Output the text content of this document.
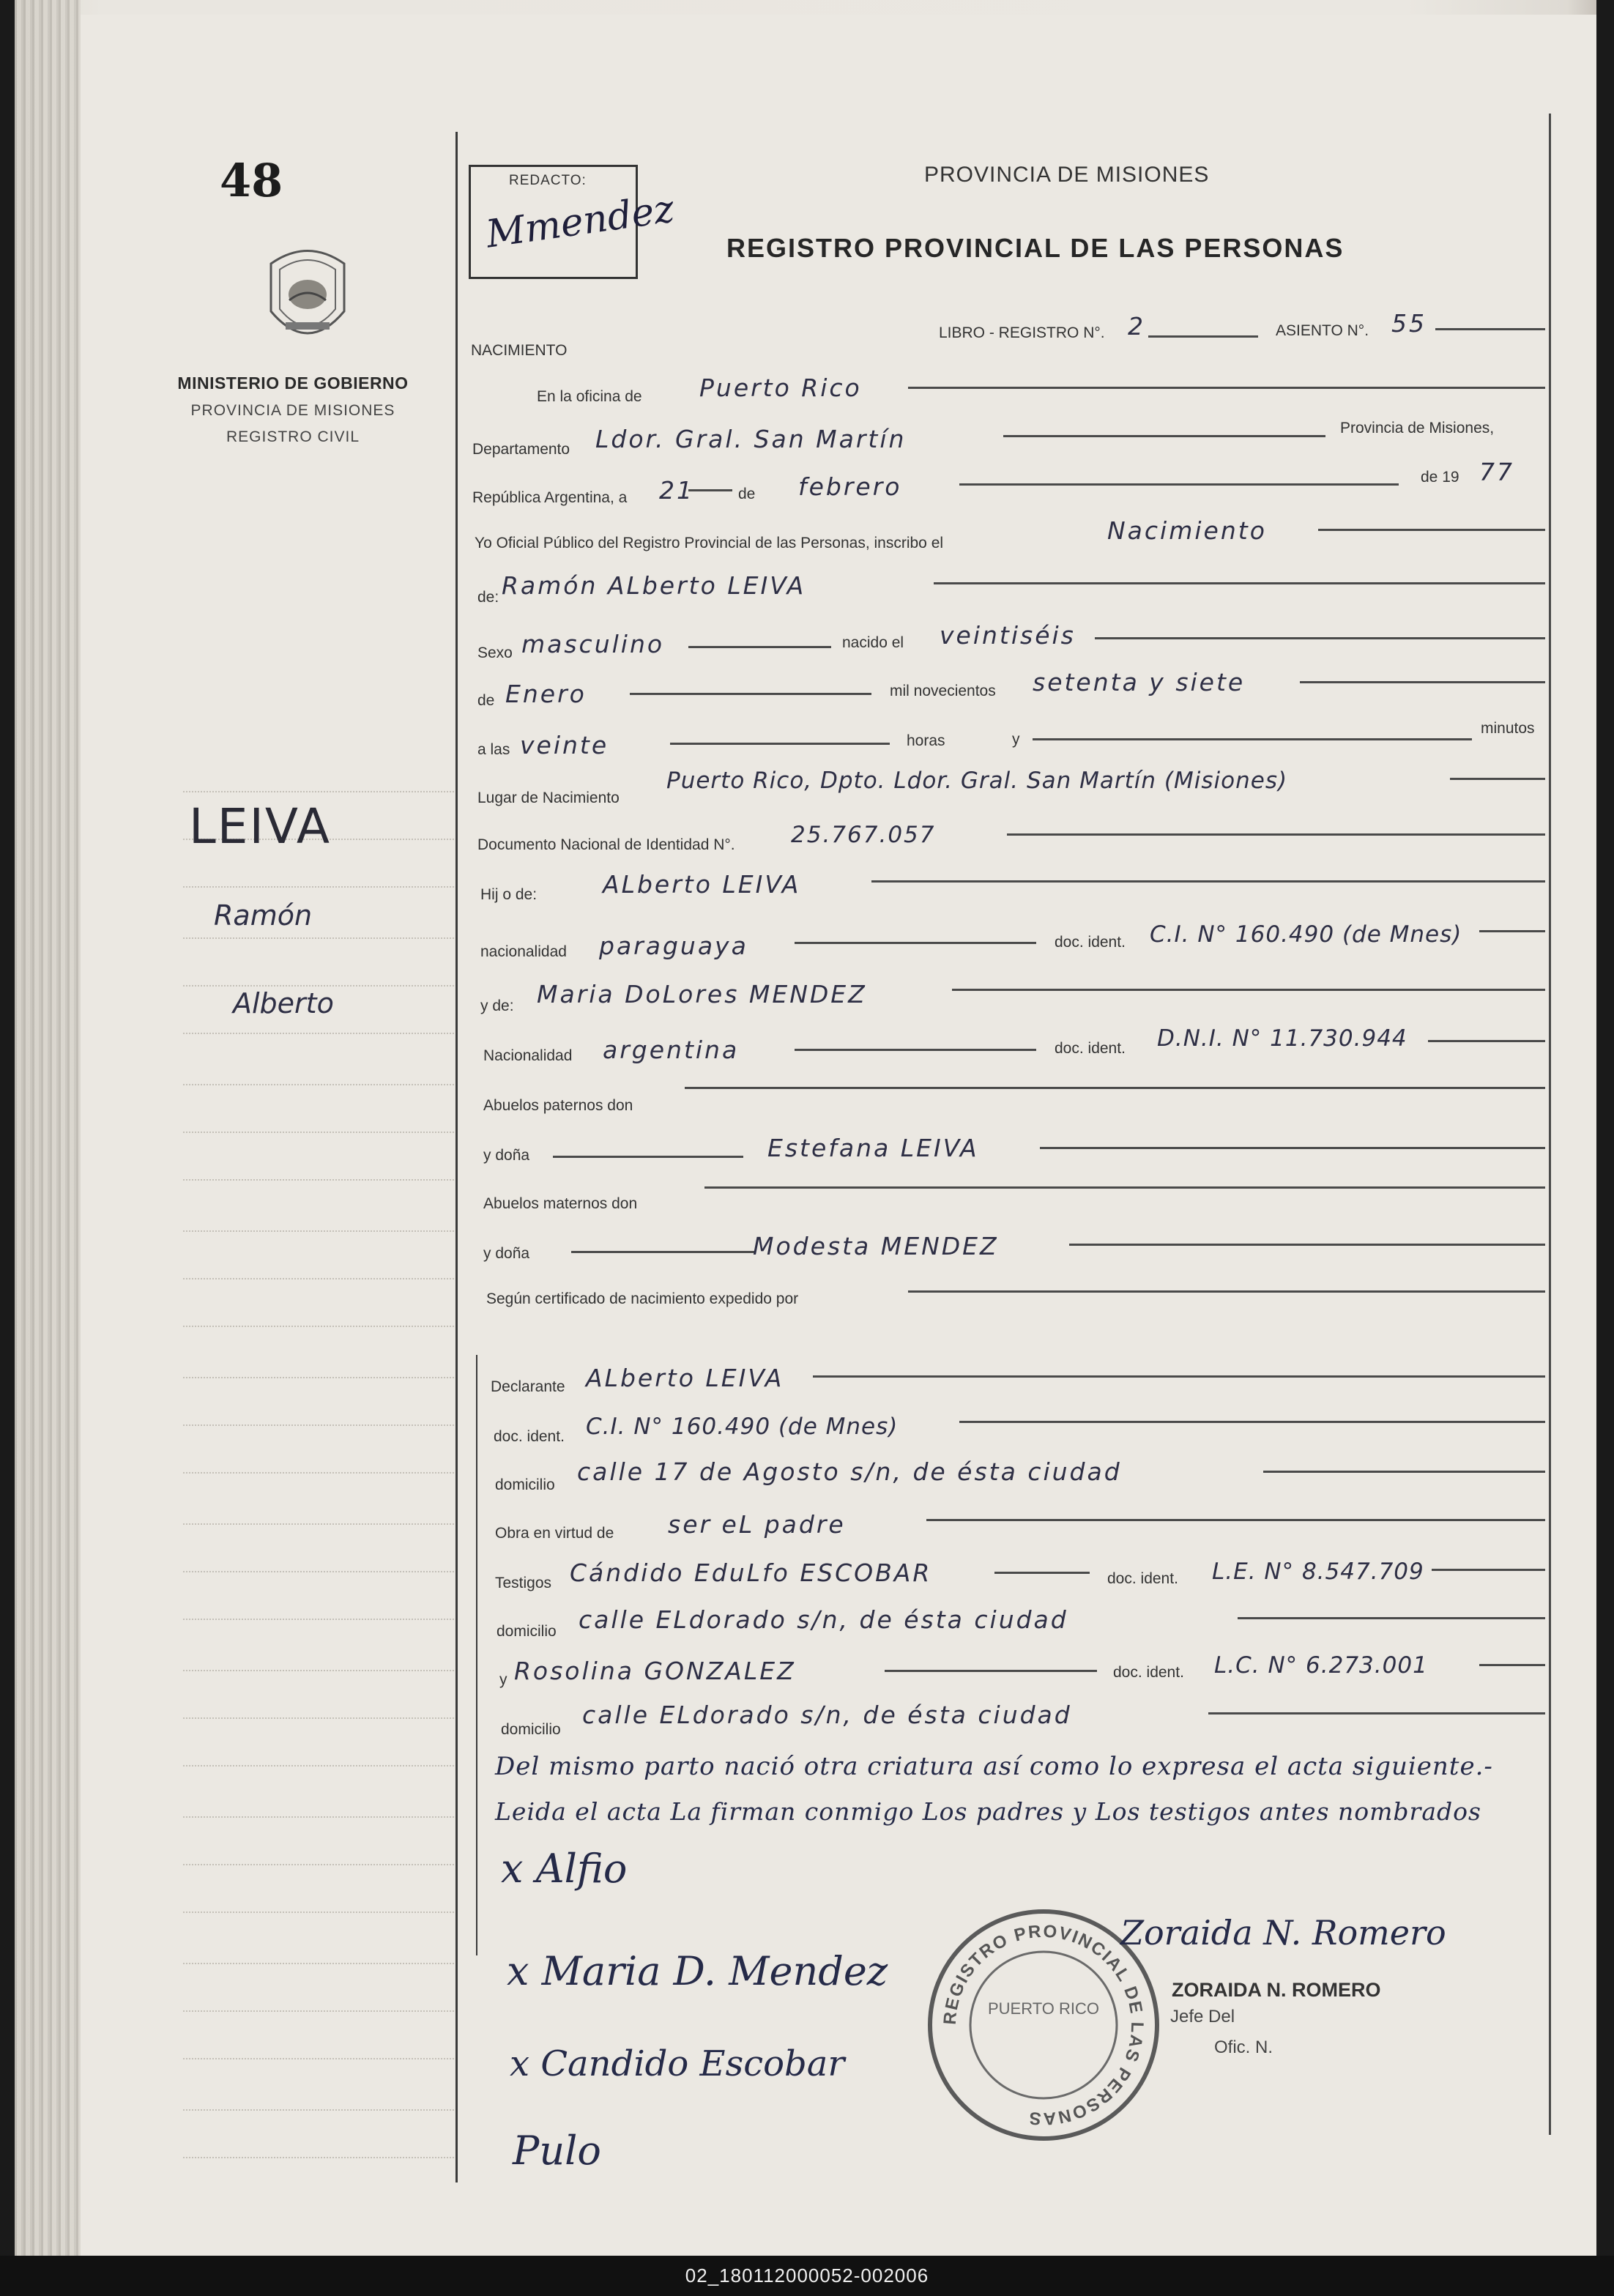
48
MINISTERIO DE GOBIERNO
PROVINCIA DE MISIONES
REGISTRO CIVIL
LEIVA
Ramón
Alberto
REDACTO:
Mmendez
PROVINCIA DE MISIONES
REGISTRO PROVINCIAL DE LAS PERSONAS
LIBRO - REGISTRO N°. 2	ASIENTO N°. 55
NACIMIENTO
En la oficina de Puerto Rico
Departamento Ldor. Gral. San Martín	Provincia de Misiones,
República Argentina, a 21	de febrero	de 19 77
Yo Oficial Público del Registro Provincial de las Personas, inscribo el	Nacimiento
de: Ramón ALberto LEIVA
Sexo masculino	nacido el veintiséis
de Enero	mil novecientos setenta y siete
a las veinte	horas	y
minutos
Lugar de Nacimiento
Puerto Rico, Dpto. Ldor. Gral. San Martín (Misiones)
Documento Nacional de Identidad N°. 25.767.057
Hij o de:	ALberto LEIVA
nacionalidad paraguaya	doc. ident. C.I. N° 160.490 (de Mnes)
y de: Maria DoLores MENDEZ
Nacionalidad argentina	doc. ident. D.N.I. N° 11.730.944
Abuelos paternos don
y doña	Estefana LEIVA
Abuelos maternos don
y doña	Modesta MENDEZ
Según certificado de nacimiento expedido por
Declarante ALberto LEIVA
doc. ident. C.I. N° 160.490 (de Mnes)
domicilio calle 17 de Agosto s/n, de ésta ciudad
Obra en virtud de ser eL padre
Testigos Cándido EduLfo ESCOBAR	doc. ident. L.E. N° 8.547.709
domicilio calle ELdorado s/n, de ésta ciudad
y Rosolina GONZALEZ	doc. ident. L.C. N° 6.273.001
domicilio
calle ELdorado s/n, de ésta ciudad
Del mismo parto nació otra criatura así como lo expresa el acta siguiente.-
Leida el acta La firman conmigo Los padres y Los testigos antes nombrados
x Alfio
x Maria D. Mendez
x Candido Escobar
Pulo
REGISTRO PROVINCIAL DE LAS PERSONAS
PUERTO RICO
Zoraida N. Romero
ZORAIDA N. ROMERO
Jefe Del
Ofic. N.
02_180112000052-002006
